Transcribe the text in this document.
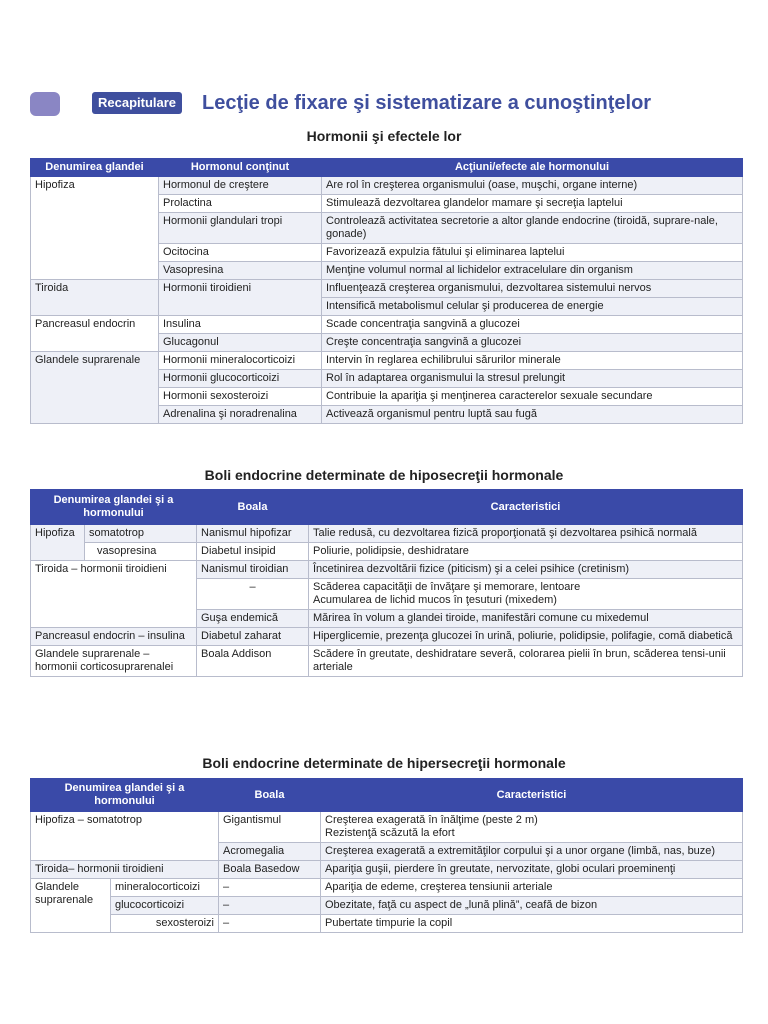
Recapitulare	Lecţie de fixare şi sistematizare a cunoştinţelor
Hormonii şi efectele lor
Denumirea glandei	Hormonul conţinut	Acţiuni/efecte ale hormonului
Hipofiza	Hormonul de creştere	Are rol în creşterea organismului (oase, muşchi, organe interne)
	Prolactina	Stimulează dezvoltarea glandelor mamare şi secreţia laptelui
	Hormonii glandulari tropi	Controlează activitatea secretorie a altor glande endocrine (tiroidă, suprare-nale, gonade)
	Ocitocina	Favorizează expulzia fătului şi eliminarea laptelui
	Vasopresina	Menţine volumul normal al lichidelor extracelulare din organism
Tiroida	Hormonii tiroidieni	Influenţează creşterea organismului, dezvoltarea sistemului nervos
		Intensifică metabolismul celular şi producerea de energie
Pancreasul endocrin	Insulina	Scade concentraţia sangvină a glucozei
	Glucagonul	Creşte concentraţia sangvină a glucozei
Glandele suprarenale	Hormonii mineralocorticoizi	Intervin în reglarea echilibrului sărurilor minerale
	Hormonii glucocorticoizi	Rol în adaptarea organismului la stresul prelungit
	Hormonii sexosteroizi	Contribuie la apariţia şi menţinerea caracterelor sexuale secundare
	Adrenalina şi noradrenalina	Activează organismul pentru luptă sau fugă
Boli endocrine determinate de hiposecreţii hormonale
Denumirea glandei şi a hormonului		Boala	Caracteristici
Hipofiza	somatotrop	Nanismul hipofizar	Talie redusă, cu dezvoltarea fizică proporţionată şi dezvoltarea psihică normală
	vasopresina	Diabetul insipid	Poliurie, polidipsie, deshidratare
Tiroida – hormonii tiroidieni		Nanismul tiroidian	Încetinirea dezvoltării fizice (piticism) şi a celei psihice (cretinism)
		–	Scăderea capacităţii de învăţare şi memorare, lentoare
Acumularea de lichid mucos în ţesuturi (mixedem)

		Guşa endemică	Mărirea în volum a glandei tiroide, manifestări comune cu mixedemul
Pancreasul endocrin – insulina		Diabetul zaharat	Hiperglicemie, prezenţa glucozei în urină, poliurie, polidipsie, polifagie, comă diabetică
Glandele suprarenale – hormonii corticosuprarenalei		Boala Addison	Scădere în greutate, deshidratare severă, colorarea pielii în brun, scăderea tensi-unii arteriale
Boli endocrine determinate de hipersecreţii hormonale
Denumirea glandei şi a hormonului		Boala	Caracteristici
Hipofiza – somatotrop		Gigantismul	Creşterea exagerată în înălţime (peste 2 m)
Rezistenţă scăzută la efort

		Acromegalia	Creşterea exagerată a extremităţilor corpului şi a unor organe (limbă, nas, buze)
Tiroida– hormonii tiroidieni		Boala Basedow	Apariţia guşii, pierdere în greutate, nervozitate, globi oculari proeminenţi
Glandele suprarenale	mineralocorticoizi	–	Apariţia de edeme, creşterea tensiunii arteriale
	glucocorticoizi	–	Obezitate, faţă cu aspect de „lună plină”, ceafă de bizon
	sexosteroizi	–	Pubertate timpurie la copil
